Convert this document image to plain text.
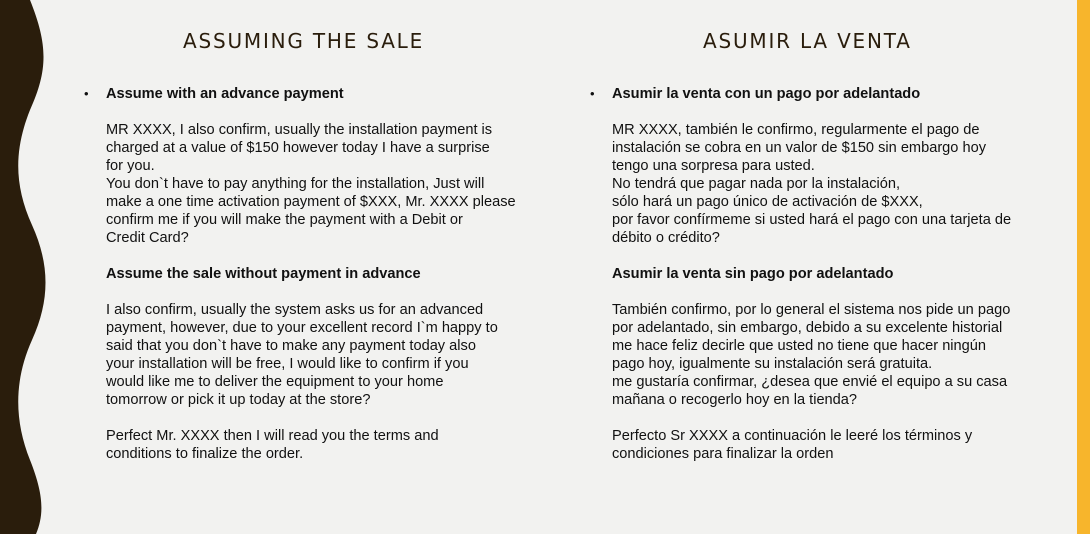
ASSUMING THE SALE	ASUMIR LA VENTA
• Assume with an advance payment
MR XXXX, I also confirm, usually the installation payment is
charged at a value of $150 however today I have a surprise
for you.
You don`t have to pay anything for the installation, Just will
make a one time activation payment of $XXX, Mr. XXXX please
confirm me if you will make the payment with a Debit or
Credit Card?
Assume the sale without payment in advance
I also confirm, usually the system asks us for an advanced
payment, however, due to your excellent record I`m happy to
said that you don`t have to make any payment today also
your installation will be free, I would like to confirm if you
would like me to deliver the equipment to your home
tomorrow or pick it up today at the store?
Perfect Mr. XXXX then I will read you the terms and
conditions to finalize the order.
• Asumir la venta con un pago por adelantado
MR XXXX, también le confirmo, regularmente el pago de
instalación se cobra en un valor de $150 sin embargo hoy
tengo una sorpresa para usted.
No tendrá que pagar nada por la instalación,
sólo hará un pago único de activación de $XXX,
por favor confírmeme si usted hará el pago con una tarjeta de
débito o crédito?
Asumir la venta sin pago por adelantado
También confirmo, por lo general el sistema nos pide un pago
por adelantado, sin embargo, debido a su excelente historial
me hace feliz decirle que usted no tiene que hacer ningún
pago hoy, igualmente su instalación será gratuita.
me gustaría confirmar, ¿desea que envié el equipo a su casa
mañana o recogerlo hoy en la tienda?
Perfecto Sr XXXX a continuación le leeré los términos y
condiciones para finalizar la orden
